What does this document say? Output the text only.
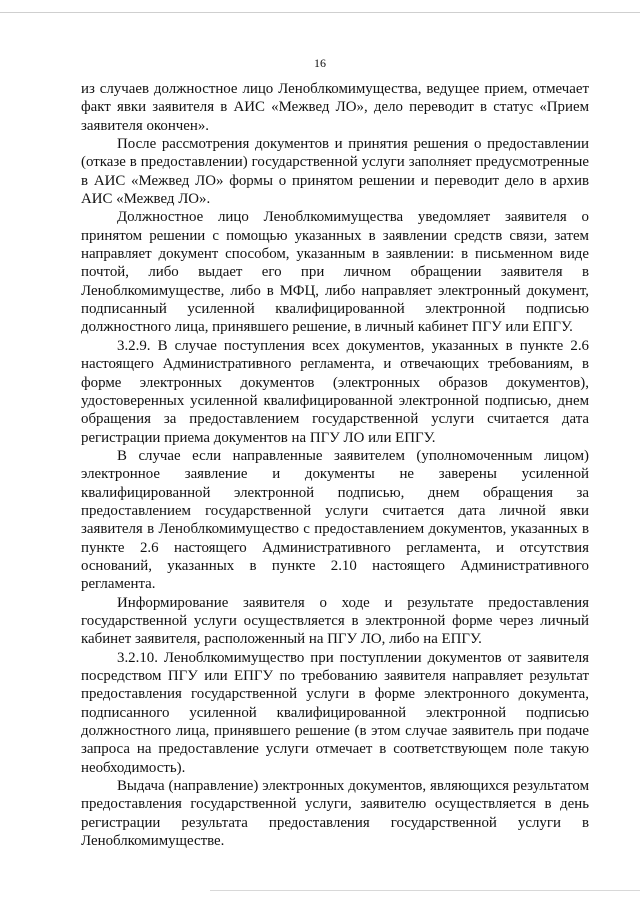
16

из случаев должностное лицо Леноблкомимущества, ведущее прием, отмечает факт явки заявителя в АИС «Межвед ЛО», дело переводит в статус «Прием заявителя окончен».

После рассмотрения документов и принятия решения о предоставлении (отказе в предоставлении) государственной услуги заполняет предусмотренные в АИС «Межвед ЛО» формы о принятом решении и переводит дело в архив АИС «Межвед ЛО».

Должностное лицо Леноблкомимущества уведомляет заявителя о принятом решении с помощью указанных в заявлении средств связи, затем направляет документ способом, указанным в заявлении: в письменном виде почтой, либо выдает его при личном обращении заявителя в Леноблкомимуществе, либо в МФЦ, либо направляет электронный документ, подписанный усиленной квалифицированной электронной подписью должностного лица, принявшего решение, в личный кабинет ПГУ или ЕПГУ.

3.2.9. В случае поступления всех документов, указанных в пункте 2.6 настоящего Административного регламента, и отвечающих требованиям, в форме электронных документов (электронных образов документов), удостоверенных усиленной квалифицированной электронной подписью, днем обращения за предоставлением государственной услуги считается дата регистрации приема документов на ПГУ ЛО или ЕПГУ.

В случае если направленные заявителем (уполномоченным лицом) электронное заявление и документы не заверены усиленной квалифицированной электронной подписью, днем обращения за предоставлением государственной услуги считается дата личной явки заявителя в Леноблкомимущество с предоставлением документов, указанных в пункте 2.6 настоящего Административного регламента, и отсутствия оснований, указанных в пункте 2.10 настоящего Административного регламента.

Информирование заявителя о ходе и результате предоставления государственной услуги осуществляется в электронной форме через личный кабинет заявителя, расположенный на ПГУ ЛО, либо на ЕПГУ.

3.2.10. Леноблкомимущество при поступлении документов от заявителя посредством ПГУ или ЕПГУ по требованию заявителя направляет результат предоставления государственной услуги в форме электронного документа, подписанного усиленной квалифицированной электронной подписью должностного лица, принявшего решение (в этом случае заявитель при подаче запроса на предоставление услуги отмечает в соответствующем поле такую необходимость).

Выдача (направление) электронных документов, являющихся результатом предоставления государственной услуги, заявителю осуществляется в день регистрации результата предоставления государственной услуги в Леноблкомимуществе.
